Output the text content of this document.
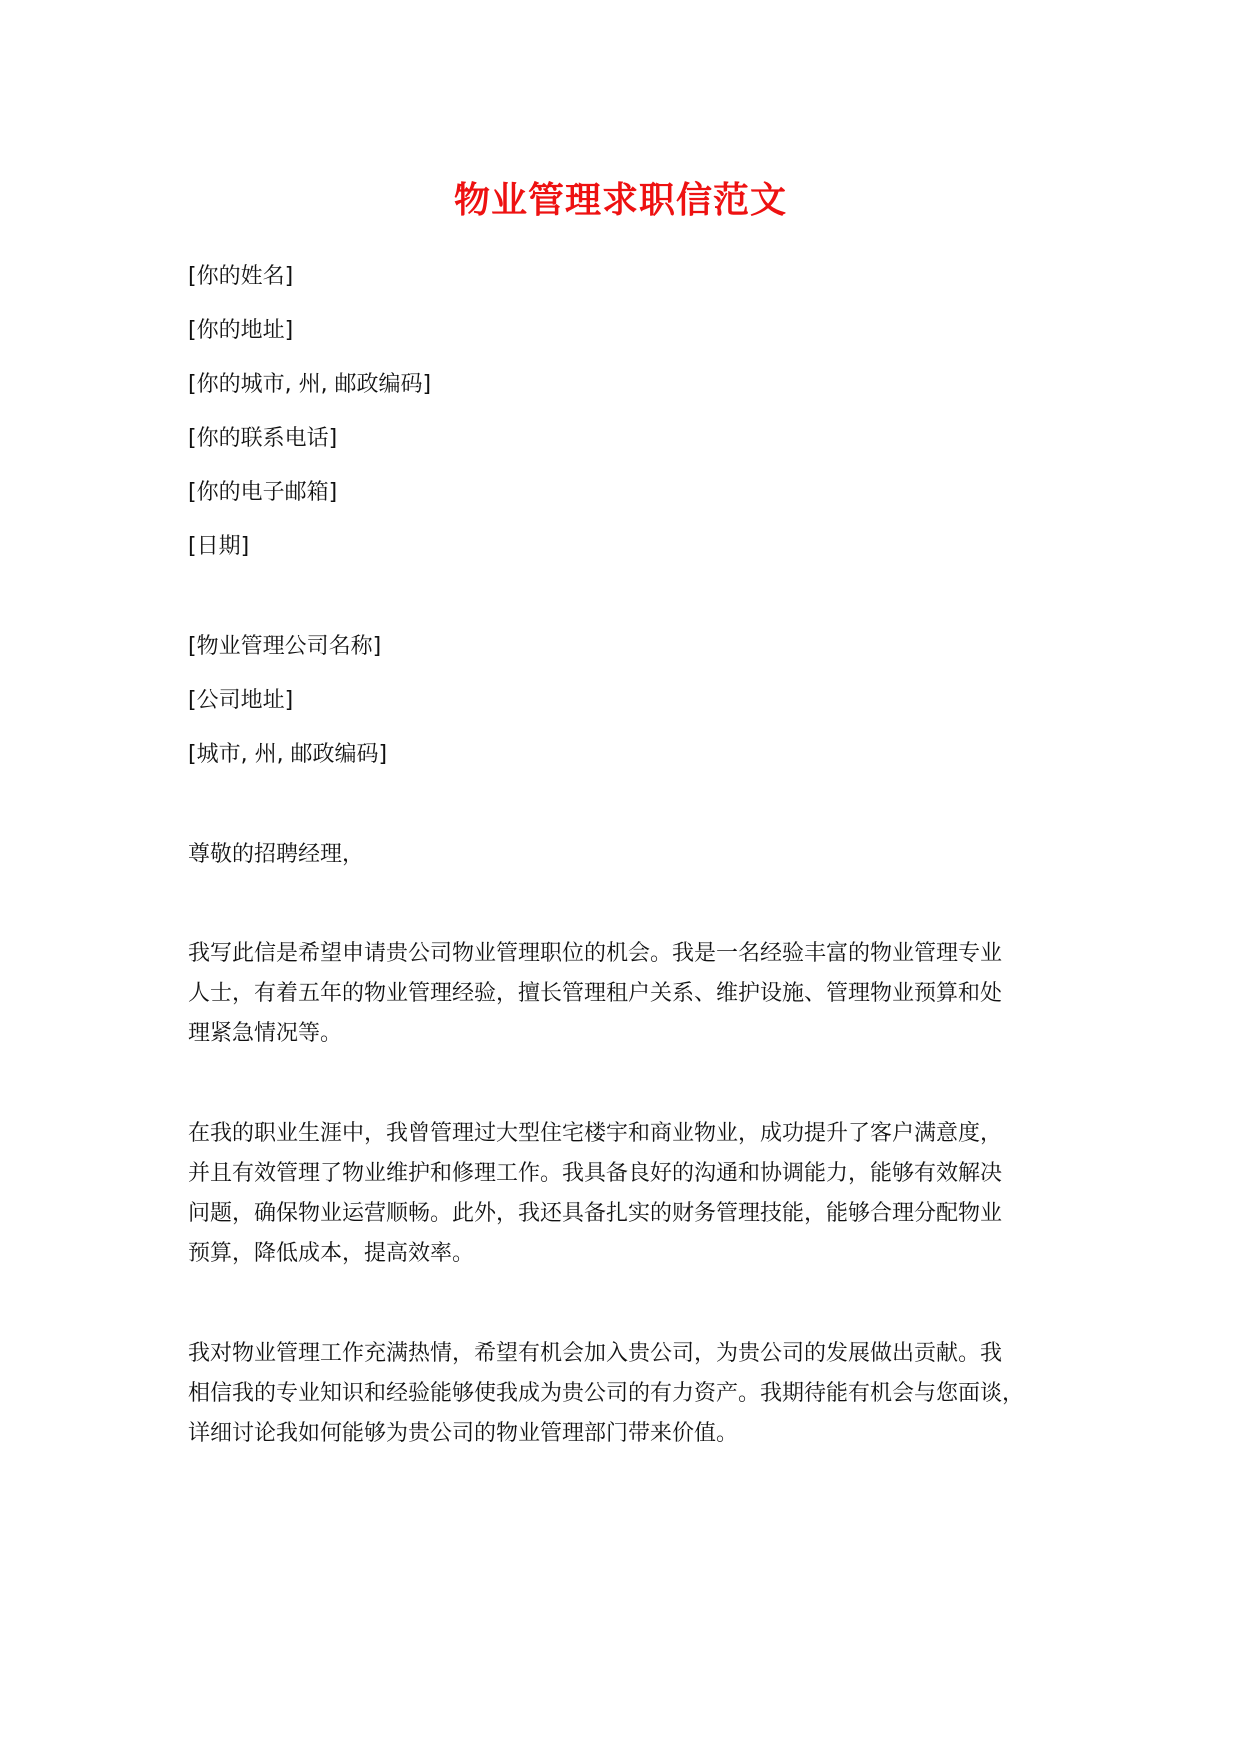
物业管理求职信范文
[你的姓名]
[你的地址]
[你的城市, 州, 邮政编码]
[你的联系电话]
[你的电子邮箱]
[日期]
[物业管理公司名称]
[公司地址]
[城市, 州, 邮政编码]
尊敬的招聘经理，
我写此信是希望申请贵公司物业管理职位的机会。我是一名经验丰富的物业管理专业
人士，有着五年的物业管理经验，擅长管理租户关系、维护设施、管理物业预算和处
理紧急情况等。
在我的职业生涯中，我曾管理过大型住宅楼宇和商业物业，成功提升了客户满意度，
并且有效管理了物业维护和修理工作。我具备良好的沟通和协调能力，能够有效解决
问题，确保物业运营顺畅。此外，我还具备扎实的财务管理技能，能够合理分配物业
预算，降低成本，提高效率。
我对物业管理工作充满热情，希望有机会加入贵公司，为贵公司的发展做出贡献。我
相信我的专业知识和经验能够使我成为贵公司的有力资产。我期待能有机会与您面谈，
详细讨论我如何能够为贵公司的物业管理部门带来价值。
